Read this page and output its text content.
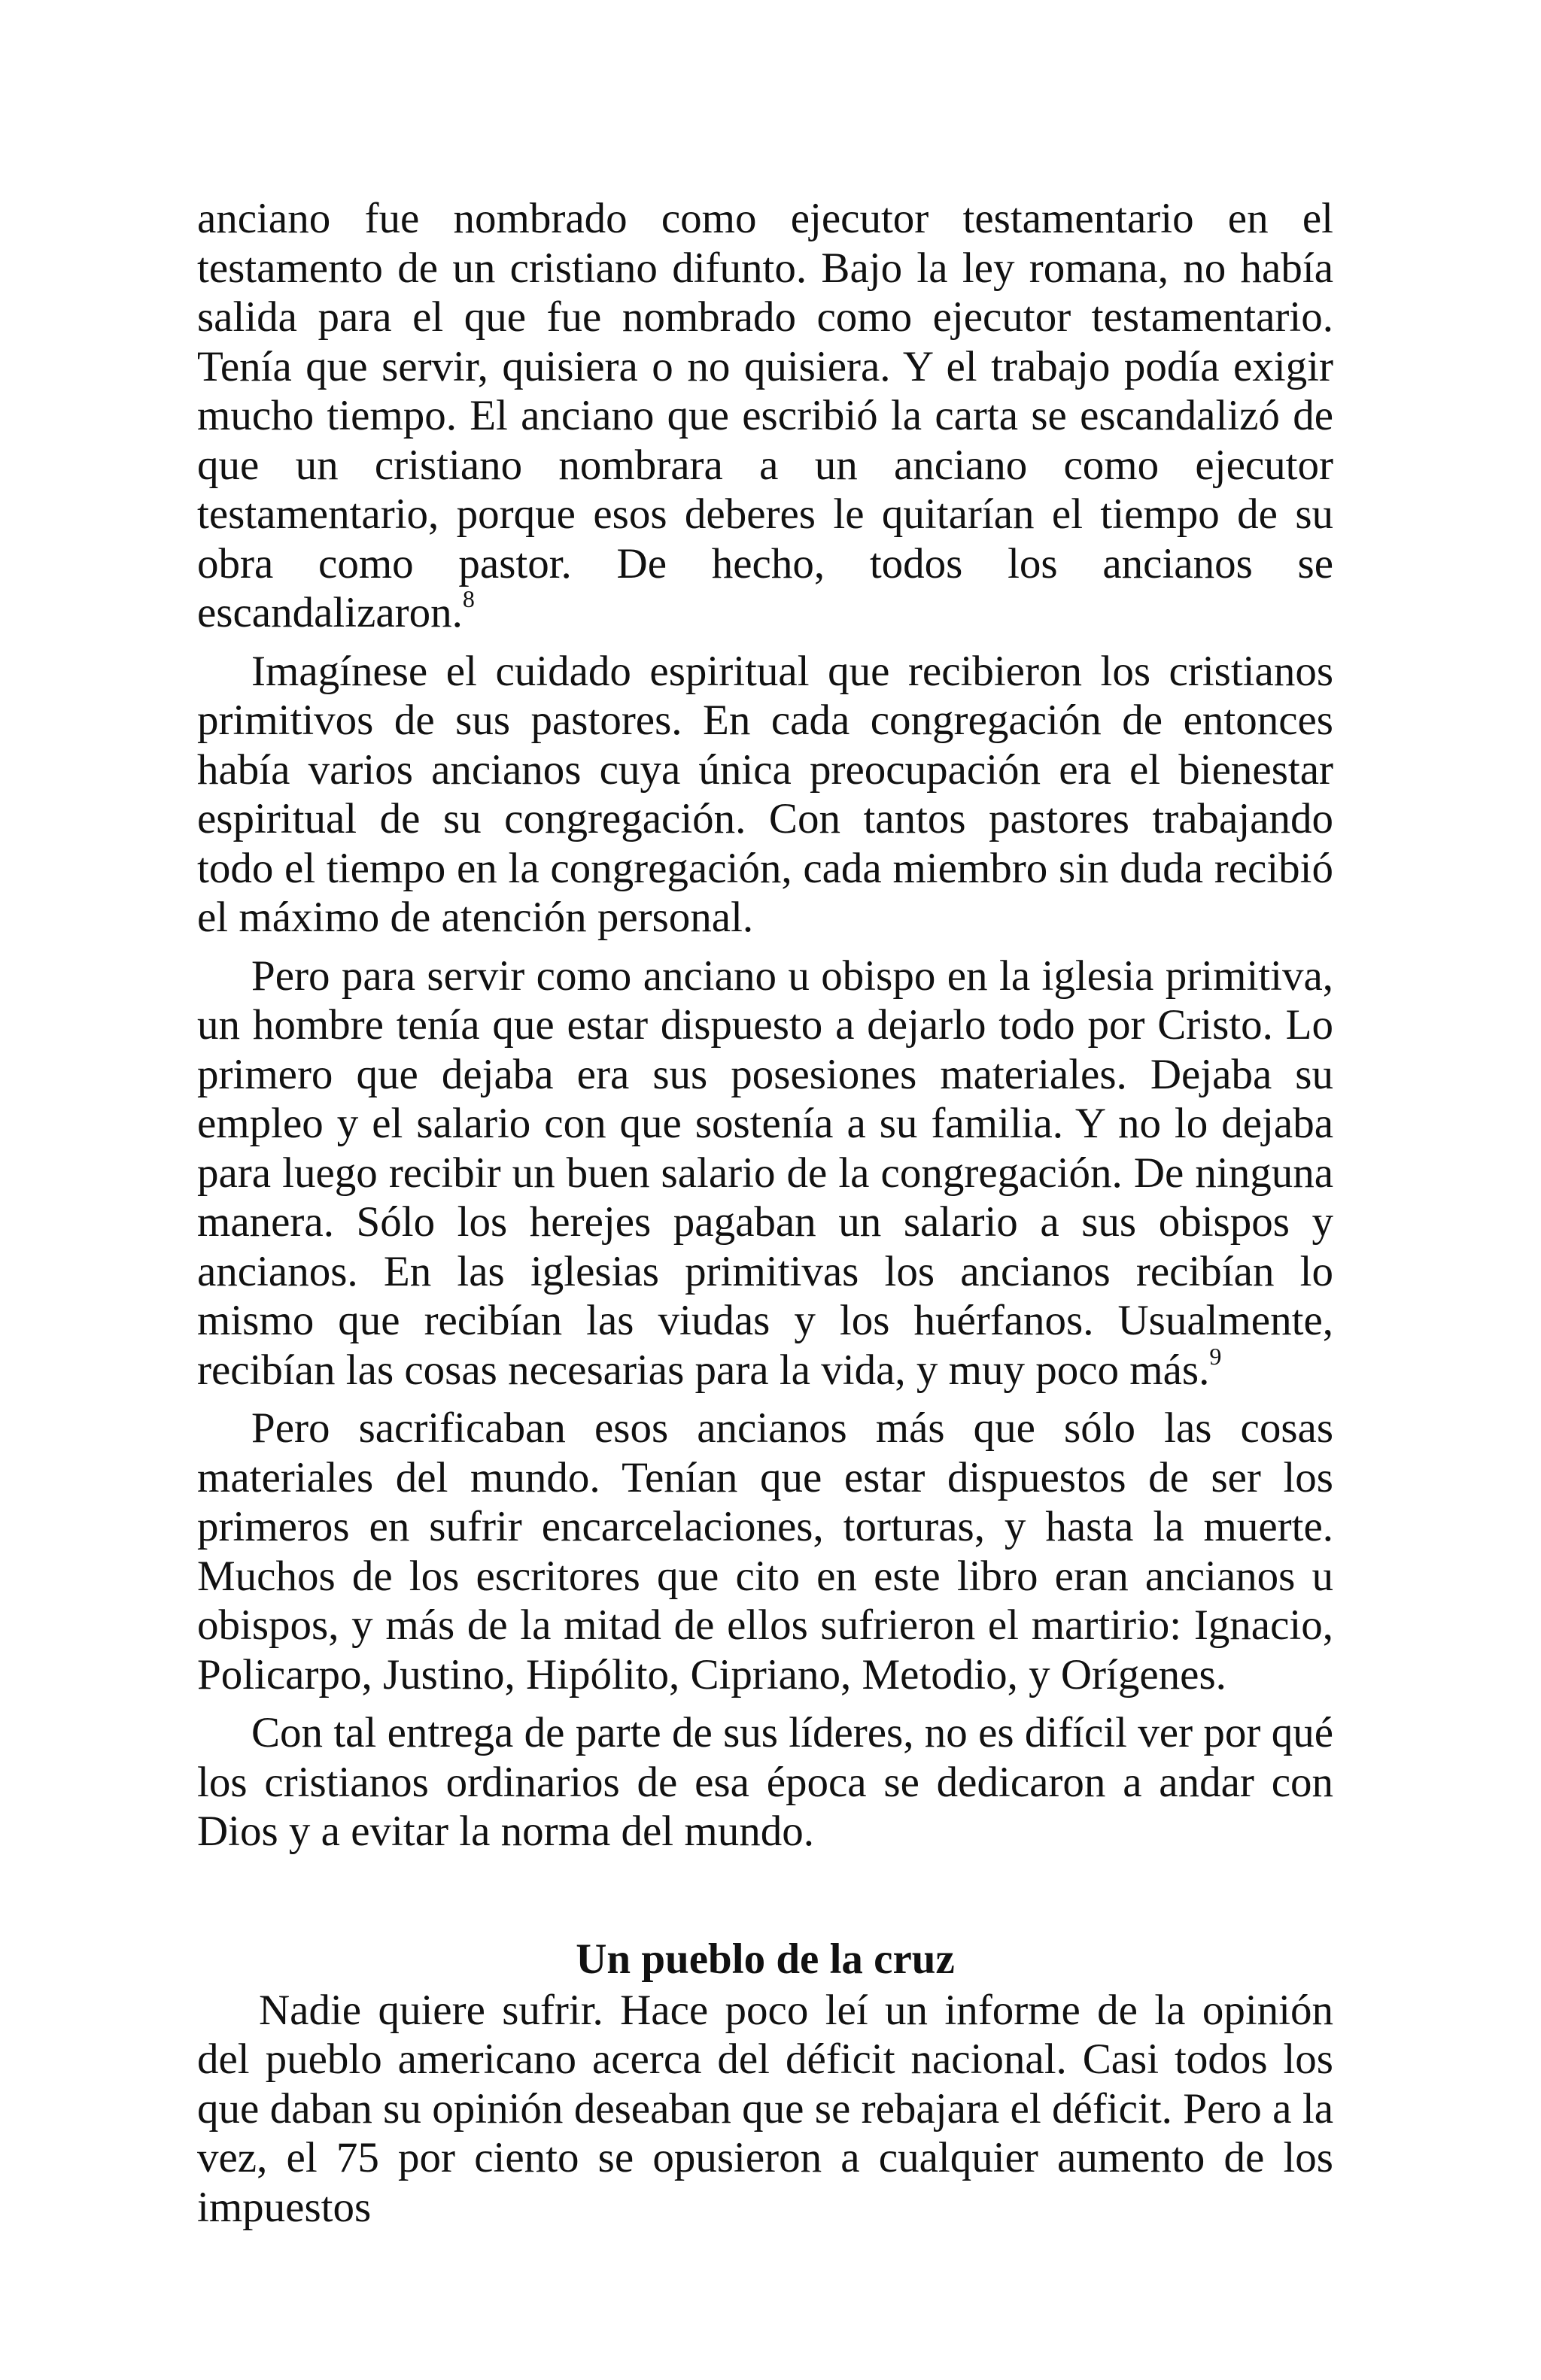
anciano fue nombrado como ejecutor testamentario en el testamento de un cristiano difunto. Bajo la ley romana, no había salida para el que fue nombrado como ejecutor testamentario. Tenía que servir, quisiera o no quisiera. Y el trabajo podía exigir mucho tiempo. El anciano que escribió la carta se escandalizó de que un cristiano nombrara a un anciano como ejecutor testamentario, porque esos deberes le quitarían el tiempo de su obra como pastor. De hecho, todos los ancianos se escandalizaron.$^8$

Imagínese el cuidado espiritual que recibieron los cristianos primitivos de sus pastores. En cada congregación de entonces había varios ancianos cuya única preocupación era el bienestar espiritual de su congregación. Con tantos pastores trabajando todo el tiempo en la congregación, cada miembro sin duda recibió el máximo de atención personal.

Pero para servir como anciano u obispo en la iglesia primitiva, un hombre tenía que estar dispuesto a dejarlo todo por Cristo. Lo primero que dejaba era sus posesiones materiales. Dejaba su empleo y el salario con que sostenía a su familia. Y no lo dejaba para luego recibir un buen salario de la congregación. De ninguna manera. Sólo los herejes pagaban un salario a sus obispos y ancianos. En las iglesias primitivas los ancianos recibían lo mismo que recibían las viudas y los huérfanos. Usualmente, recibían las cosas necesarias para la vida, y muy poco más.$^9$

Pero sacrificaban esos ancianos más que sólo las cosas materiales del mundo. Tenían que estar dispuestos de ser los primeros en sufrir encarcelaciones, torturas, y hasta la muerte. Muchos de los escritores que cito en este libro eran ancianos u obispos, y más de la mitad de ellos sufrieron el martirio: Ignacio, Policarpo, Justino, Hipólito, Cipriano, Metodio, y Orígenes.

Con tal entrega de parte de sus líderes, no es difícil ver por qué los cristianos ordinarios de esa época se dedicaron a andar con Dios y a evitar la norma del mundo.

Un pueblo de la cruz

Nadie quiere sufrir. Hace poco leí un informe de la opinión del pueblo americano acerca del déficit nacional. Casi todos los que daban su opinión deseaban que se rebajara el déficit. Pero a la vez, el 75 por ciento se opusieron a cualquier aumento de los impuestos
